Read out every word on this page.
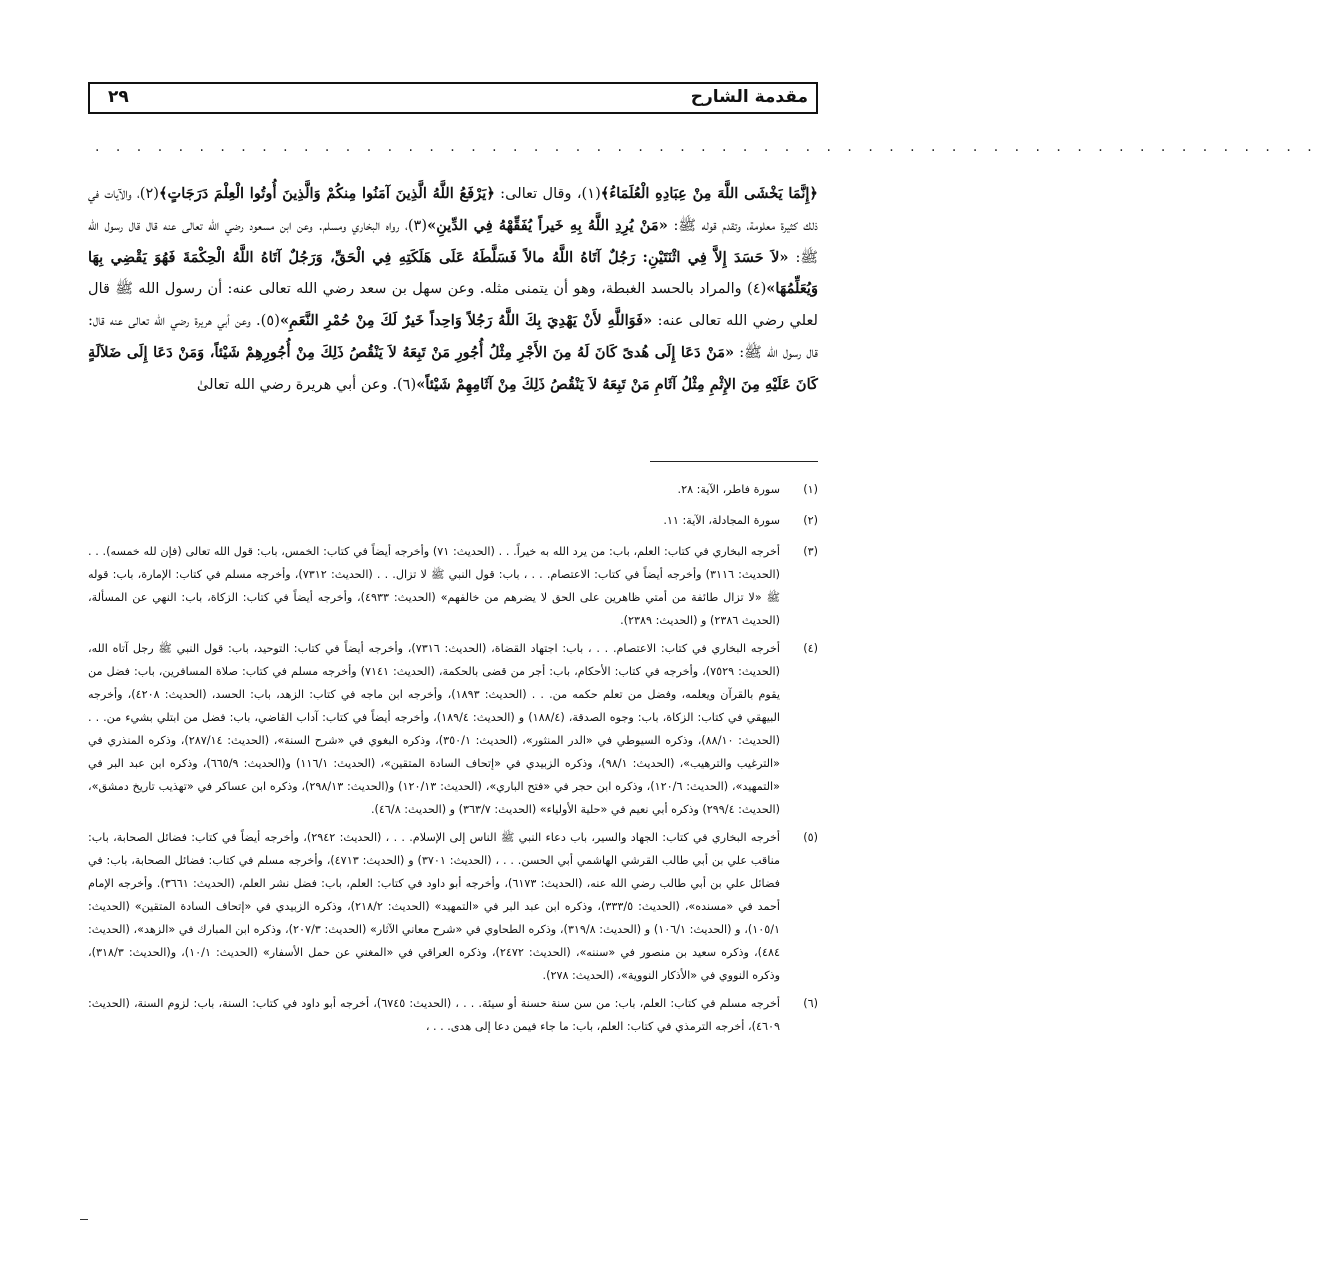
مقدمة الشارح
٢٩
. . . . . . . . . . . . . . . . . . . . . . . . . . . . . . . . . . . . . . . . . . . . . . . . . . . . . . . . . . .
﴿إِنَّمَا يَخْشَى اللَّهَ مِنْ عِبَادِهِ الْعُلَمَاءُ﴾(١)، وقال تعالى: ﴿يَرْفَعُ اللَّهُ الَّذِينَ آمَنُوا مِنكُمْ وَالَّذِينَ أُوتُوا الْعِلْمَ دَرَجَاتٍ﴾(٢)، والآيات في ذلك كثيرة معلومة، وتقدم قوله ﷺ: «مَنْ يُرِدِ اللَّهُ بِهِ خَيراً يُفَقِّهْهُ فِي الدِّينِ»(٣)، رواه البخاري ومسلم. وعن ابن مسعود رضي الله تعالى عنه قال قال رسول الله ﷺ: «لاَ حَسَدَ إِلاَّ فِي اثْنَتَيْنِ: رَجُلٌ آتَاهُ اللَّهُ مالاً فَسَلَّطَهُ عَلَى هَلَكَتِهِ فِي الْحَقِّ، وَرَجُلٌ آتَاهُ اللَّهُ الْحِكْمَةَ فَهُوَ يَقْضِي بِهَا وَيُعَلِّمُهَا»(٤) والمراد بالحسد الغبطة، وهو أن يتمنى مثله. وعن سهل بن سعد رضي الله تعالى عنه: أن رسول الله ﷺ قال لعلي رضي الله تعالى عنه: «فَوَاللَّهِ لأَنْ يَهْدِيَ بِكَ اللَّهُ رَجُلاً وَاحِداً خَيرٌ لَكَ مِنْ حُمْرِ النَّعَمِ»(٥). وعن أبي هريرة رضي الله تعالى عنه قال: قال رسول الله ﷺ: «مَنْ دَعَا إِلَى هُدىً كَانَ لَهُ مِنَ الأَجْرِ مِثْلُ أُجُورِ مَنْ تَبِعَهُ لاَ يَنْقُصُ ذَلِكَ مِنْ أُجُورِهِمْ شَيْئاً، وَمَنْ دَعَا إِلَى ضَلاَلَةٍ كَانَ عَلَيْهِ مِنَ الإِثْمِ مِثْلُ آثَامِ مَنْ تَبِعَهُ لاَ يَنْقُصُ ذَلِكَ مِنْ آثَامِهِمْ شَيْئاً»(٦). وعن أبي هريرة رضي الله تعالىٰ
(١)
سورة فاطر، الآية: ٢٨.
(٢)
سورة المجادلة، الآية: ١١.
(٣)
أخرجه البخاري في كتاب: العلم، باب: من يرد الله به خيراً. . . (الحديث: ٧١) وأخرجه أيضاً في كتاب: الخمس، باب: قول الله تعالى (فإن لله خمسه). . . (الحديث: ٣١١٦) وأخرجه أيضاً في كتاب: الاعتصام. . . ، باب: قول النبي ﷺ لا تزال. . . (الحديث: ٧٣١٢)، وأخرجه مسلم في كتاب: الإمارة، باب: قوله ﷺ «لا تزال طائفة من أمتي ظاهرين على الحق لا يضرهم من خالفهم» (الحديث: ٤٩٣٣)، وأخرجه أيضاً في كتاب: الزكاة، باب: النهي عن المسألة، (الحديث ٢٣٨٦) و (الحديث: ٢٣٨٩).
(٤)
أخرجه البخاري في كتاب: الاعتصام. . . ، باب: اجتهاد القضاة، (الحديث: ٧٣١٦)، وأخرجه أيضاً في كتاب: التوحيد، باب: قول النبي ﷺ رجل آتاه الله، (الحديث: ٧٥٢٩)، وأخرجه في كتاب: الأحكام، باب: أجر من قضى بالحكمة، (الحديث: ٧١٤١) وأخرجه مسلم في كتاب: صلاة المسافرين، باب: فضل من يقوم بالقرآن ويعلمه، وفضل من تعلم حكمه من. . . (الحديث: ١٨٩٣)، وأخرجه ابن ماجه في كتاب: الزهد، باب: الحسد، (الحديث: ٤٢٠٨)، وأخرجه البيهقي في كتاب: الزكاة، باب: وجوه الصدقة، (١٨٨/٤) و (الحديث: ١٨٩/٤)، وأخرجه أيضاً في كتاب: آداب القاضي، باب: فضل من ابتلي بشيء من. . . (الحديث: ٨٨/١٠)، وذكره السيوطي في «الدر المنثور»، (الحديث: ٣٥٠/١)، وذكره البغوي في «شرح السنة»، (الحديث: ٢٨٧/١٤)، وذكره المنذري في «الترغيب والترهيب»، (الحديث: ٩٨/١)، وذكره الزبيدي في «إتحاف السادة المتقين»، (الحديث: ١١٦/١) و(الحديث: ٦٦٥/٩)، وذكره ابن عبد البر في «التمهيد»، (الحديث: ١٢٠/٦)، وذكره ابن حجر في «فتح الباري»، (الحديث: ١٢٠/١٣) و(الحديث: ٢٩٨/١٣)، وذكره ابن عساكر في «تهذيب تاريخ دمشق»، (الحديث: ٢٩٩/٤) وذكره أبي نعيم في «حلية الأولياء» (الحديث: ٣٦٣/٧) و (الحديث: ٤٦/٨).
(٥)
أخرجه البخاري في كتاب: الجهاد والسير، باب دعاء النبي ﷺ الناس إلى الإسلام. . . ، (الحديث: ٢٩٤٢)، وأخرجه أيضاً في كتاب: فضائل الصحابة، باب: مناقب علي بن أبي طالب القرشي الهاشمي أبي الحسن. . . ، (الحديث: ٣٧٠١) و (الحديث: ٤٧١٣)، وأخرجه مسلم في كتاب: فضائل الصحابة، باب: في فضائل علي بن أبي طالب رضي الله عنه، (الحديث: ٦١٧٣)، وأخرجه أبو داود في كتاب: العلم، باب: فضل نشر العلم، (الحديث: ٣٦٦١). وأخرجه الإمام أحمد في «مسنده»، (الحديث: ٣٣٣/٥)، وذكره ابن عبد البر في «التمهيد» (الحديث: ٢١٨/٢)، وذكره الزبيدي في «إتحاف السادة المتقين» (الحديث: ١٠٥/١)، و (الحديث: ١٠٦/١) و (الحديث: ٣١٩/٨)، وذكره الطحاوي في «شرح معاني الآثار» (الحديث: ٢٠٧/٣)، وذكره ابن المبارك في «الزهد»، (الحديث: ٤٨٤)، وذكره سعيد بن منصور في «سننه»، (الحديث: ٢٤٧٢)، وذكره العراقي في «المغني عن حمل الأسفار» (الحديث: ١٠/١)، و(الحديث: ٣١٨/٣)، وذكره النووي في «الأذكار النووية»، (الحديث: ٢٧٨).
(٦)
أخرجه مسلم في كتاب: العلم، باب: من سن سنة حسنة أو سيئة. . . ، (الحديث: ٦٧٤٥)، أخرجه أبو داود في كتاب: السنة، باب: لزوم السنة، (الحديث: ٤٦٠٩)، أخرجه الترمذي في كتاب: العلم، باب: ما جاء فيمن دعا إلى هدى. . . ،
